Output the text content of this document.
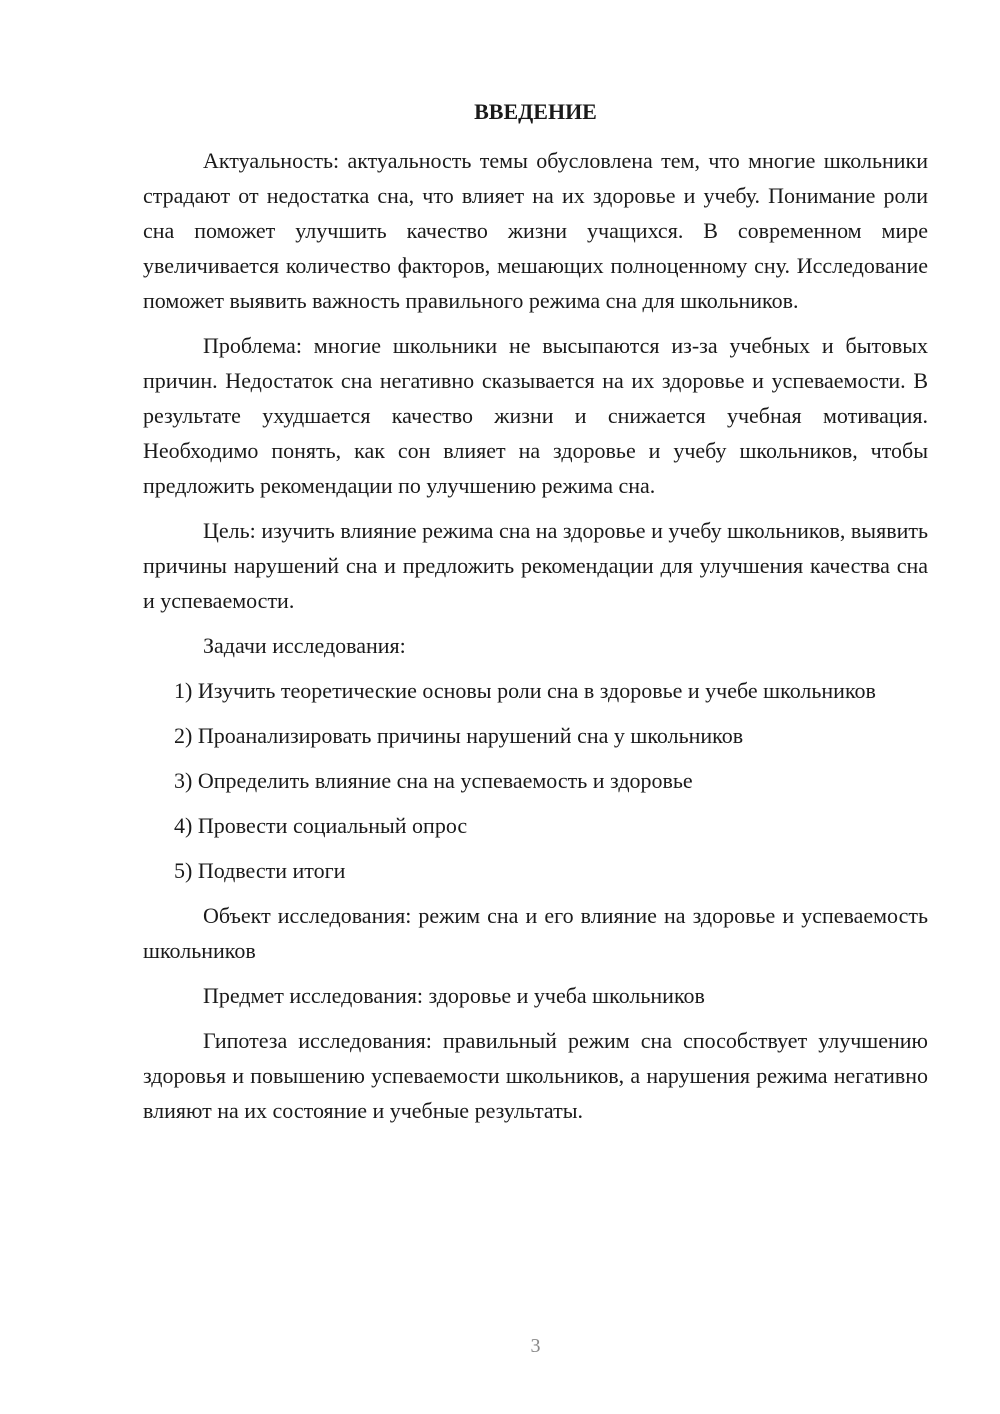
ВВЕДЕНИЕ

Актуальность: актуальность темы обусловлена тем, что многие школьники страдают от недостатка сна, что влияет на их здоровье и учебу. Понимание роли сна поможет улучшить качество жизни учащихся. В современном мире увеличивается количество факторов, мешающих полноценному сну. Исследование поможет выявить важность правильного режима сна для школьников.

Проблема: многие школьники не высыпаются из-за учебных и бытовых причин. Недостаток сна негативно сказывается на их здоровье и успеваемости. В результате ухудшается качество жизни и снижается учебная мотивация. Необходимо понять, как сон влияет на здоровье и учебу школьников, чтобы предложить рекомендации по улучшению режима сна.

Цель: изучить влияние режима сна на здоровье и учебу школьников, выявить причины нарушений сна и предложить рекомендации для улучшения качества сна и успеваемости.

Задачи исследования:

1) Изучить теоретические основы роли сна в здоровье и учебе школьников

2) Проанализировать причины нарушений сна у школьников

3) Определить влияние сна на успеваемость и здоровье

4) Провести социальный опрос

5) Подвести итоги

Объект исследования: режим сна и его влияние на здоровье и успеваемость школьников

Предмет исследования: здоровье и учеба школьников

Гипотеза исследования: правильный режим сна способствует улучшению здоровья и повышению успеваемости школьников, а нарушения режима негативно влияют на их состояние и учебные результаты.

3
